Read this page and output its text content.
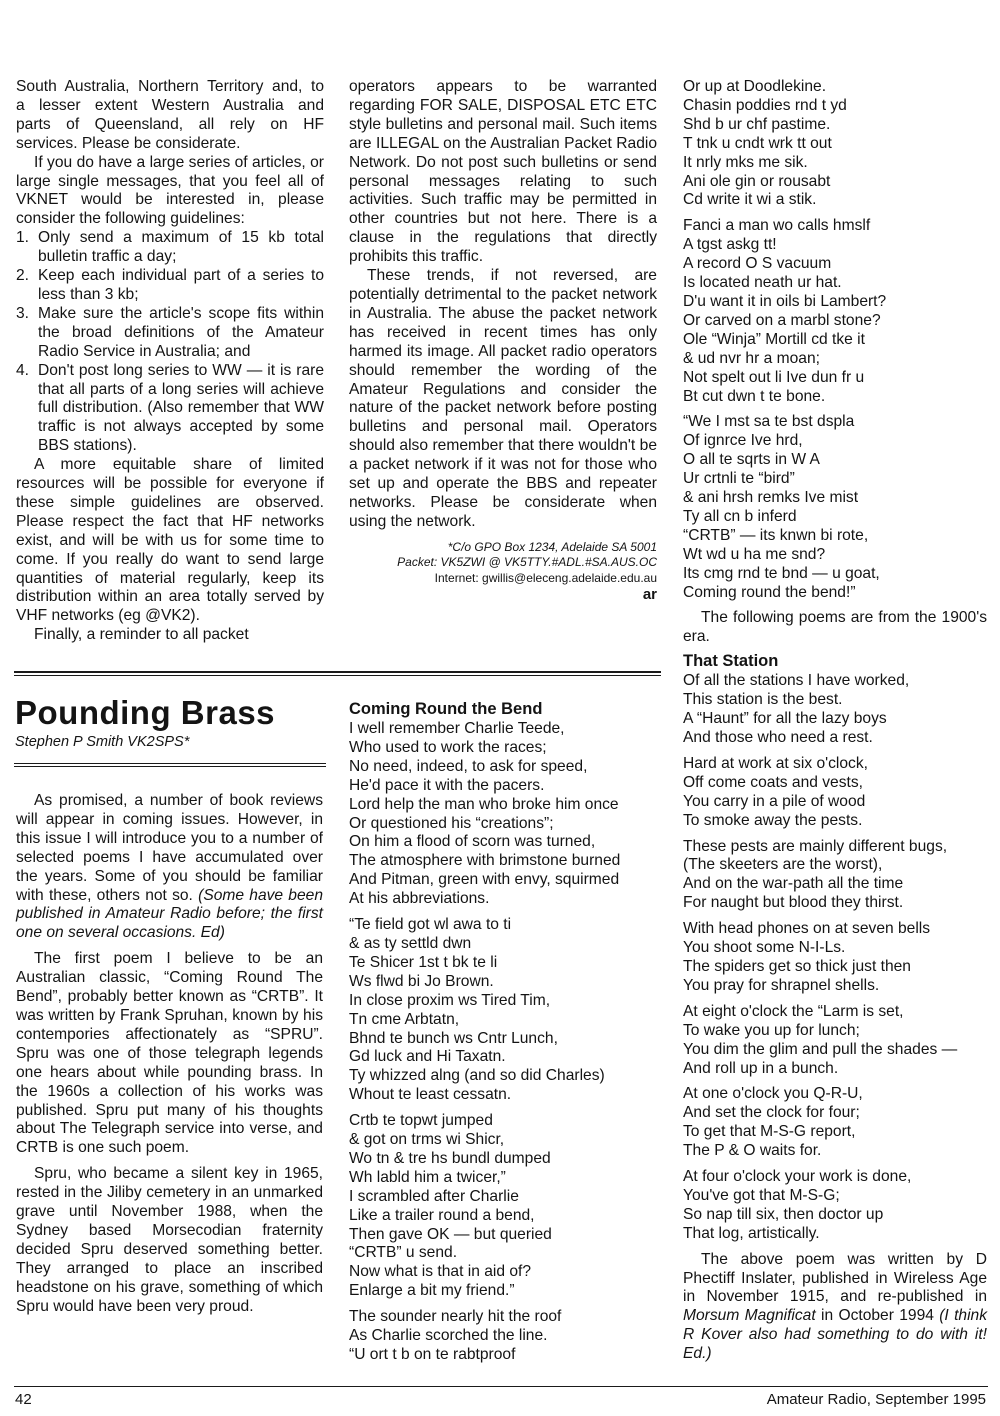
South Australia, Northern Territory and, to

a lesser extent Western Australia and

parts of Queensland, all rely on HF

services. Please be considerate.

If you do have a large series of articles, or large single messages, that you feel all of VKNET would be interested in, please consider the following guidelines:

1. Only send a maximum of 15 kb total bulletin traffic a day;
2. Keep each individual part of a series to less than 3 kb;
3. Make sure the article's scope fits within the broad definitions of the Amateur Radio Service in Australia; and
4. Don't post long series to WW — it is rare that all parts of a long series will achieve full distribution. (Also remember that WW traffic is not always accepted by some BBS stations).

A more equitable share of limited resources will be possible for everyone if these simple guidelines are observed. Please respect the fact that HF networks exist, and will be with us for some time to come. If you really do want to send large quantities of material regularly, keep its distribution within an area totally served by VHF networks (eg @VK2).

Finally, a reminder to all packet

operators appears to be warranted regarding FOR SALE, DISPOSAL ETC ETC style bulletins and personal mail. Such items are ILLEGAL on the Australian Packet Radio Network. Do not post such bulletins or send personal messages relating to such activities. Such traffic may be permitted in other countries but not here. There is a clause in the regulations that directly prohibits this traffic.

These trends, if not reversed, are potentially detrimental to the packet network in Australia. The abuse the packet network has received in recent times has only harmed its image. All packet radio operators should remember the wording of the Amateur Regulations and consider the nature of the packet network before posting bulletins and personal mail. Operators should also remember that there wouldn't be a packet network if it was not for those who set up and operate the BBS and repeater networks. Please be considerate when using the network.

*C/o GPO Box 1234, Adelaide SA 5001

Packet: VK5ZWI @ VK5TTY.#ADL.#SA.AUS.OC

Internet: gwillis@eleceng.adelaide.edu.au

ar

Pounding Brass

Stephen P Smith VK2SPS*

As promised, a number of book reviews will appear in coming issues. However, in this issue I will introduce you to a number of selected poems I have accumulated over the years. Some of you should be familiar with these, others not so. (Some have been published in Amateur Radio before; the first one on several occasions. Ed)

The first poem I believe to be an Australian classic, “Coming Round The Bend”, probably better known as “CRTB”. It was written by Frank Spruhan, known by his contempories affectionately as “SPRU”. Spru was one of those telegraph legends one hears about while pounding brass. In the 1960s a collection of his works was published. Spru put many of his thoughts about The Telegraph service into verse, and CRTB is one such poem.

Spru, who became a silent key in 1965, rested in the Jiliby cemetery in an unmarked grave until November 1988, when the Sydney based Morsecodian fraternity decided Spru deserved something better. They arranged to place an inscribed headstone on his grave, something of which Spru would have been very proud.

Coming Round the Bend

I well remember Charlie Teede,

Who used to work the races;

No need, indeed, to ask for speed,

He'd pace it with the pacers.

Lord help the man who broke him once

Or questioned his “creations”;

On him a flood of scorn was turned,

The atmosphere with brimstone burned

And Pitman, green with envy, squirmed

At his abbreviations.

“Te field got wl awa to ti

& as ty settld dwn

Te Shicer 1st t bk te li

Ws flwd bi Jo Brown.

In close proxim ws Tired Tim,

Tn cme Arbtatn,

Bhnd te bunch ws Cntr Lunch,

Gd luck and Hi Taxatn.

Ty whizzed alng (and so did Charles)

Whout te least cessatn.

Crtb te topwt jumped

& got on trms wi Shicr,

Wo tn & tre hs bundl dumped

Wh labld him a twicer,”

I scrambled after Charlie

Like a trailer round a bend,

Then gave OK — but queried

“CRTB” u send.

Now what is that in aid of?

Enlarge a bit my friend.”

The sounder nearly hit the roof

As Charlie scorched the line.

“U ort t b on te rabtproof

Or up at Doodlekine.

Chasin poddies rnd t yd

Shd b ur chf pastime.

T tnk u cndt wrk tt out

It nrly mks me sik.

Ani ole gin or rousabt

Cd write it wi a stik.

Fanci a man wo calls hmslf

A tgst askg tt!

A record O S vacuum

Is located neath ur hat.

D'u want it in oils bi Lambert?

Or carved on a marbl stone?

Ole “Winja” Mortill cd tke it

& ud nvr hr a moan;

Not spelt out li Ive dun fr u

Bt cut dwn t te bone.

“We I mst sa te bst dspla

Of ignrce Ive hrd,

O all te sqrts in W A

Ur crtnli te “bird”

& ani hrsh remks Ive mist

Ty all cn b inferd

“CRTB” — its knwn bi rote,

Wt wd u ha me snd?

Its cmg rnd te bnd — u goat,

Coming round the bend!”

The following poems are from the 1900's era.

That Station

Of all the stations I have worked,

This station is the best.

A “Haunt” for all the lazy boys

And those who need a rest.

Hard at work at six o'clock,

Off come coats and vests,

You carry in a pile of wood

To smoke away the pests.

These pests are mainly different bugs,

(The skeeters are the worst),

And on the war-path all the time

For naught but blood they thirst.

With head phones on at seven bells

You shoot some N-I-Ls.

The spiders get so thick just then

You pray for shrapnel shells.

At eight o'clock the “Larm is set,

To wake you up for lunch;

You dim the glim and pull the shades —

And roll up in a bunch.

At one o'clock you Q-R-U,

And set the clock for four;

To get that M-S-G report,

The P & O waits for.

At four o'clock your work is done,

You've got that M-S-G;

So nap till six, then doctor up

That log, artistically.

The above poem was written by D Phectiff Inslater, published in Wireless Age in November 1915, and re-published in Morsum Magnificat in October 1994 (I think R Kover also had something to do with it! Ed.)

42	Amateur Radio, September 1995
